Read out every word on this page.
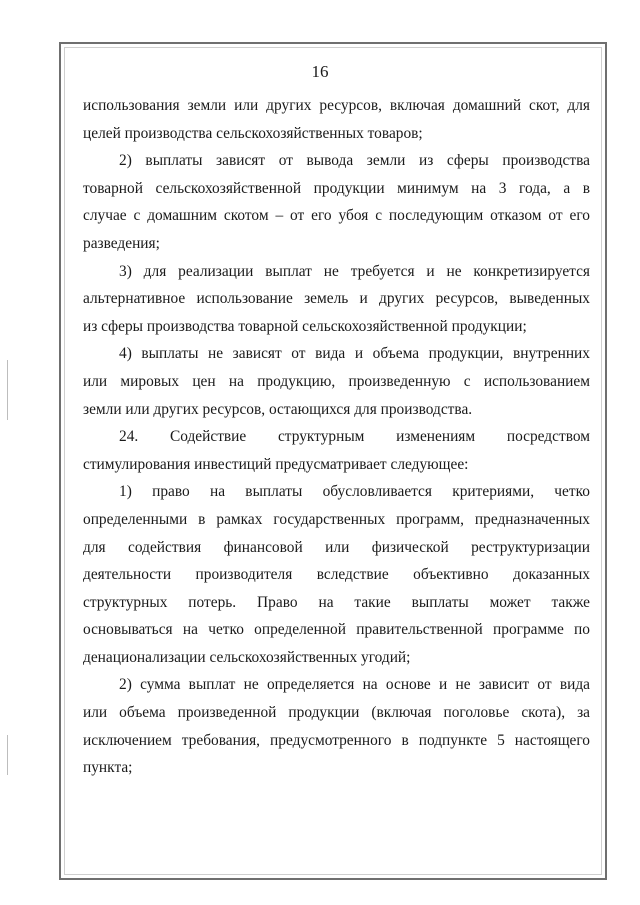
16

использования земли или других ресурсов, включая домашний скот, для

целей производства сельскохозяйственных товаров;

2) выплаты зависят от вывода земли из сферы производства

товарной сельскохозяйственной продукции минимум на 3 года, а в

случае с домашним скотом – от его убоя с последующим отказом от его

разведения;

3) для реализации выплат не требуется и не конкретизируется

альтернативное использование земель и других ресурсов, выведенных

из сферы производства товарной сельскохозяйственной продукции;

4) выплаты не зависят от вида и объема продукции, внутренних

или мировых цен на продукцию, произведенную с использованием

земли или других ресурсов, остающихся для производства.

24. Содействие структурным изменениям посредством

стимулирования инвестиций предусматривает следующее:

1) право на выплаты обусловливается критериями, четко

определенными в рамках государственных программ, предназначенных

для содействия финансовой или физической реструктуризации

деятельности производителя вследствие объективно доказанных

структурных потерь. Право на такие выплаты может также

основываться на четко определенной правительственной программе по

денационализации сельскохозяйственных угодий;

2) сумма выплат не определяется на основе и не зависит от вида

или объема произведенной продукции (включая поголовье скота), за

исключением требования, предусмотренного в подпункте 5 настоящего

пункта;
